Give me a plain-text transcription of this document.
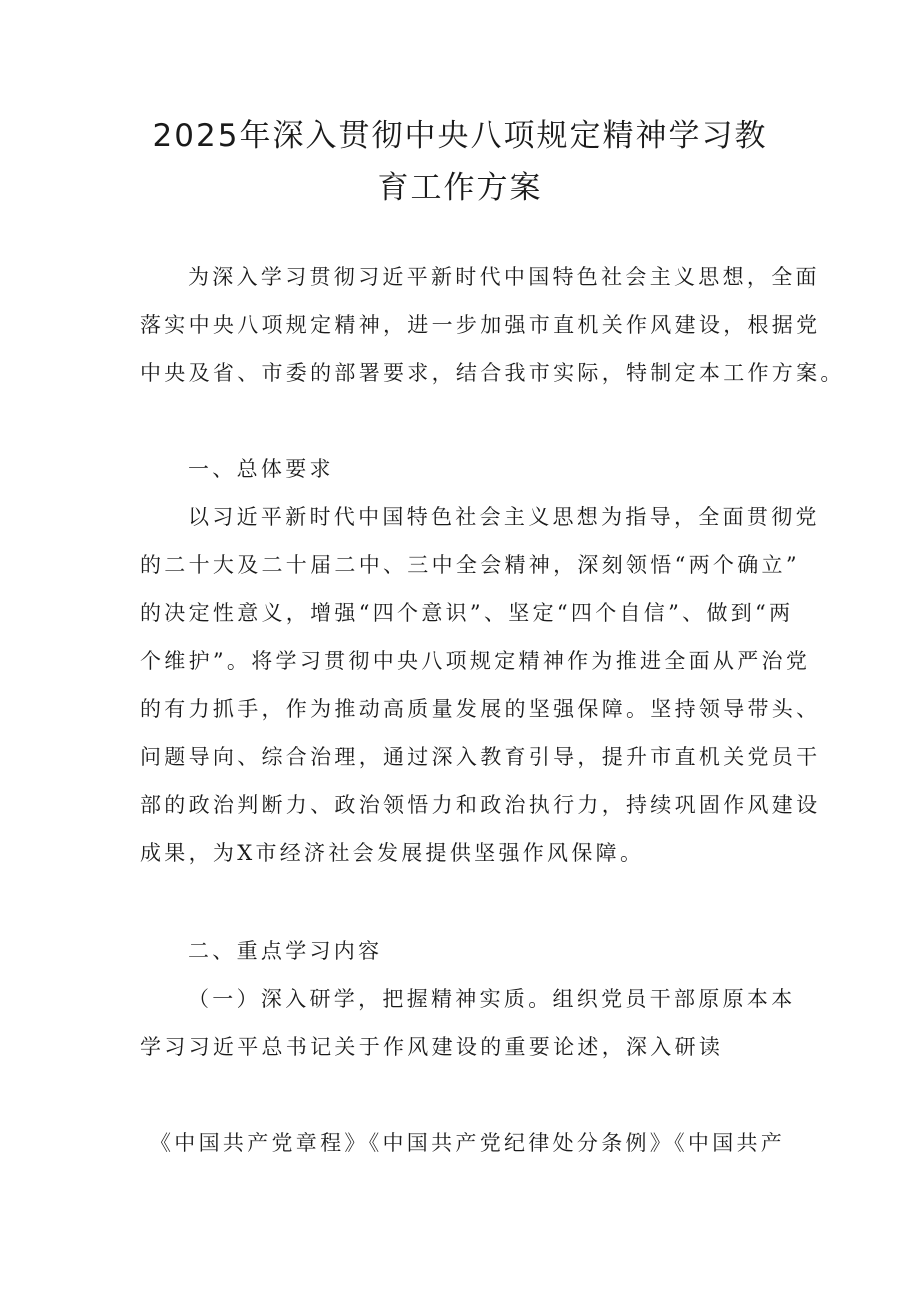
2025年深入贯彻中央八项规定精神学习教
育工作方案

为深入学习贯彻习近平新时代中国特色社会主义思想，全面

落实中央八项规定精神，进一步加强市直机关作风建设，根据党

中央及省、市委的部署要求，结合我市实际，特制定本工作方案。

一、总体要求

以习近平新时代中国特色社会主义思想为指导，全面贯彻党

的二十大及二十届二中、三中全会精神，深刻领悟“两个确立”

的决定性意义，增强“四个意识”、坚定“四个自信”、做到“两

个维护”。将学习贯彻中央八项规定精神作为推进全面从严治党

的有力抓手，作为推动高质量发展的坚强保障。坚持领导带头、

问题导向、综合治理，通过深入教育引导，提升市直机关党员干

部的政治判断力、政治领悟力和政治执行力，持续巩固作风建设

成果，为X市经济社会发展提供坚强作风保障。

二、重点学习内容

（一）深入研学，把握精神实质。组织党员干部原原本本

学习习近平总书记关于作风建设的重要论述，深入研读

《中国共产党章程》《中国共产党纪律处分条例》《中国共产
